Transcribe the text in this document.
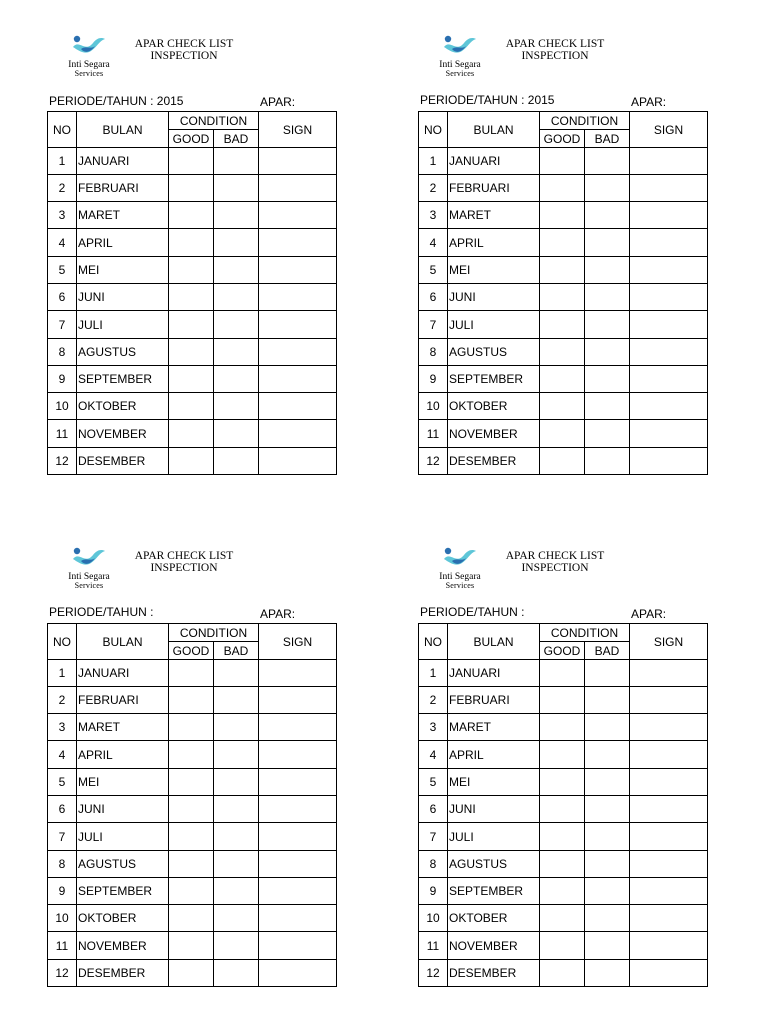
Inti Segara
Services
APAR CHECK LIST
INSPECTION
PERIODE/TAHUN : 2015	APAR:
NO	BULAN	CONDITION		SIGN
		GOOD	BAD	
1	JANUARI			
2	FEBRUARI			
3	MARET			
4	APRIL			
5	MEI			
6	JUNI			
7	JULI			
8	AGUSTUS			
9	SEPTEMBER			
10	OKTOBER			
11	NOVEMBER			
12	DESEMBER			
Inti Segara
Services
APAR CHECK LIST
INSPECTION
PERIODE/TAHUN : 2015	APAR:
NO	BULAN	CONDITION		SIGN
		GOOD	BAD	
1	JANUARI			
2	FEBRUARI			
3	MARET			
4	APRIL			
5	MEI			
6	JUNI			
7	JULI			
8	AGUSTUS			
9	SEPTEMBER			
10	OKTOBER			
11	NOVEMBER			
12	DESEMBER			
Inti Segara
Services
APAR CHECK LIST
INSPECTION
PERIODE/TAHUN :	APAR:
NO	BULAN	CONDITION		SIGN
		GOOD	BAD	
1	JANUARI			
2	FEBRUARI			
3	MARET			
4	APRIL			
5	MEI			
6	JUNI			
7	JULI			
8	AGUSTUS			
9	SEPTEMBER			
10	OKTOBER			
11	NOVEMBER			
12	DESEMBER			
Inti Segara
Services
APAR CHECK LIST
INSPECTION
PERIODE/TAHUN :	APAR:
NO	BULAN	CONDITION		SIGN
		GOOD	BAD	
1	JANUARI			
2	FEBRUARI			
3	MARET			
4	APRIL			
5	MEI			
6	JUNI			
7	JULI			
8	AGUSTUS			
9	SEPTEMBER			
10	OKTOBER			
11	NOVEMBER			
12	DESEMBER			
